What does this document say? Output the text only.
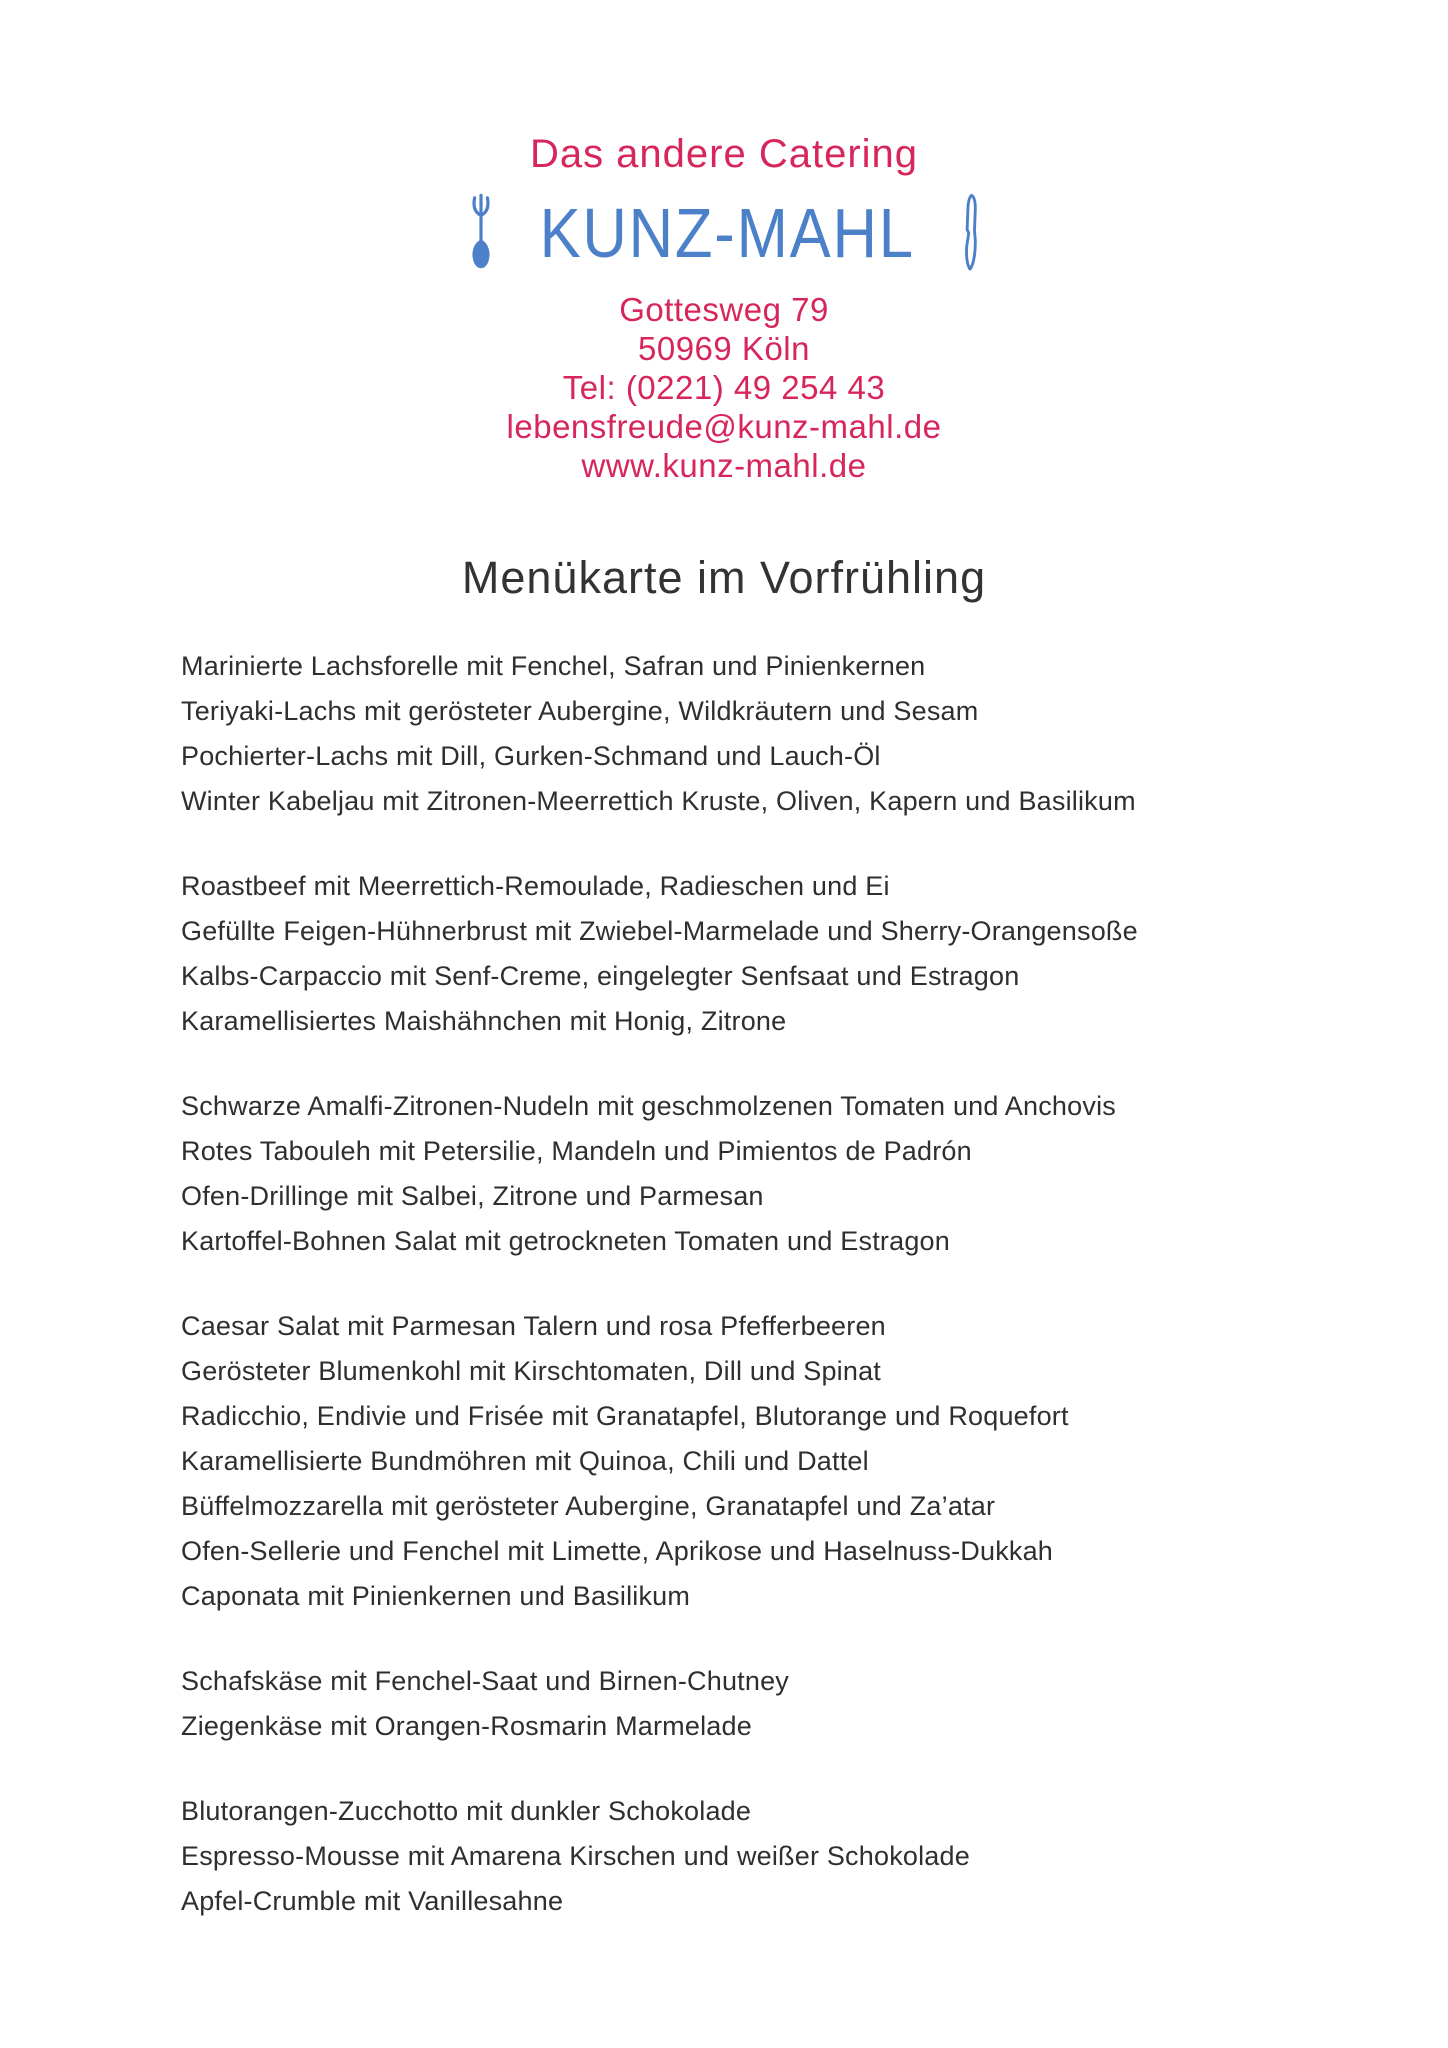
Das andere Catering
KUNZ-MAHL
Gottesweg 79
50969 Köln
Tel: (0221) 49 254 43
lebensfreude@kunz-mahl.de
www.kunz-mahl.de
Menükarte im Vorfrühling

Marinierte Lachsforelle mit Fenchel, Safran und Pinienkernen

Teriyaki-Lachs mit gerösteter Aubergine, Wildkräutern und Sesam

Pochierter-Lachs mit Dill, Gurken-Schmand und Lauch-Öl

Winter Kabeljau mit Zitronen-Meerrettich Kruste, Oliven, Kapern und Basilikum

Roastbeef mit Meerrettich-Remoulade, Radieschen und Ei

Gefüllte Feigen-Hühnerbrust mit Zwiebel-Marmelade und Sherry-Orangensoße

Kalbs-Carpaccio mit Senf-Creme, eingelegter Senfsaat und Estragon

Karamellisiertes Maishähnchen mit Honig, Zitrone

Schwarze Amalfi-Zitronen-Nudeln mit geschmolzenen Tomaten und Anchovis

Rotes Tabouleh mit Petersilie, Mandeln und Pimientos de Padrón

Ofen-Drillinge mit Salbei, Zitrone und Parmesan

Kartoffel-Bohnen Salat mit getrockneten Tomaten und Estragon

Caesar Salat mit Parmesan Talern und rosa Pfefferbeeren

Gerösteter Blumenkohl mit Kirschtomaten, Dill und Spinat

Radicchio, Endivie und Frisée mit Granatapfel, Blutorange und Roquefort

Karamellisierte Bundmöhren mit Quinoa, Chili und Dattel

Büffelmozzarella mit gerösteter Aubergine, Granatapfel und Za’atar

Ofen-Sellerie und Fenchel mit Limette, Aprikose und Haselnuss-Dukkah

Caponata mit Pinienkernen und Basilikum

Schafskäse mit Fenchel-Saat und Birnen-Chutney

Ziegenkäse mit Orangen-Rosmarin Marmelade

Blutorangen-Zucchotto mit dunkler Schokolade

Espresso-Mousse mit Amarena Kirschen und weißer Schokolade

Apfel-Crumble mit Vanillesahne
